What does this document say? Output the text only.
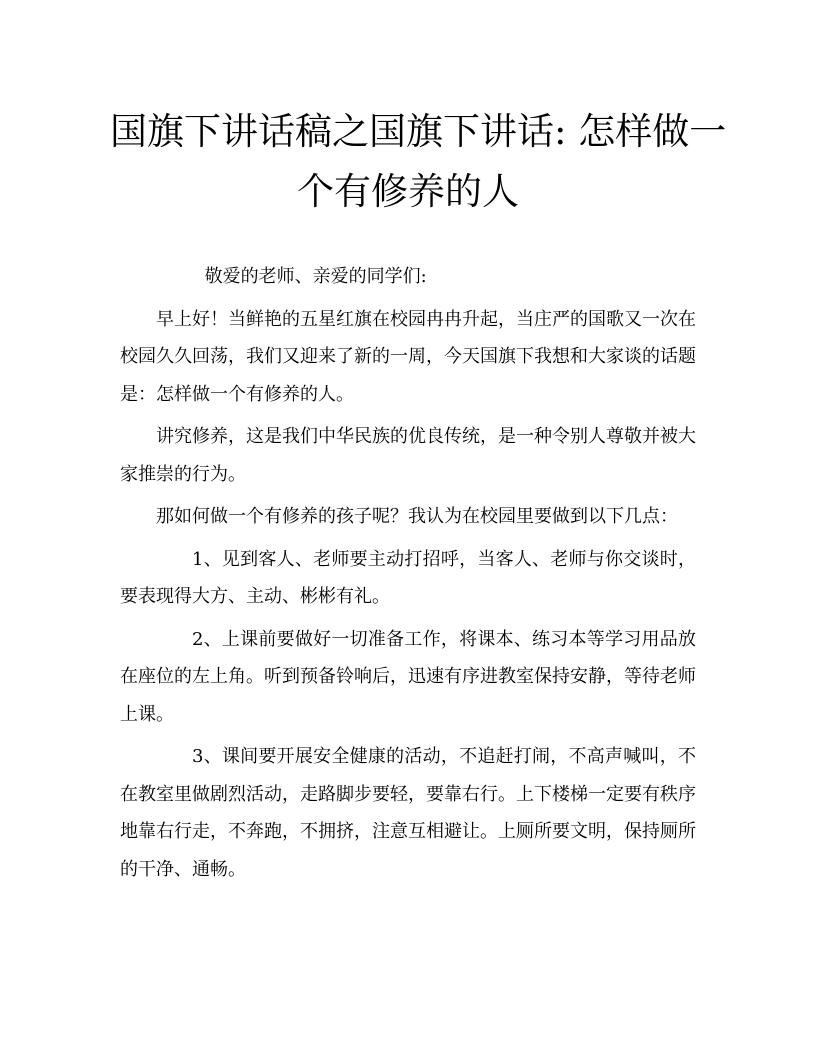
国旗下讲话稿之国旗下讲话: 怎样做一
个有修养的人

敬爱的老师、亲爱的同学们:

早上好！当鲜艳的五星红旗在校园冉冉升起，当庄严的国歌又一次在校园久久回荡，我们又迎来了新的一周，今天国旗下我想和大家谈的话题是：怎样做一个有修养的人。

讲究修养，这是我们中华民族的优良传统，是一种令别人尊敬并被大家推崇的行为。

那如何做一个有修养的孩子呢？我认为在校园里要做到以下几点：

1、见到客人、老师要主动打招呼，当客人、老师与你交谈时，要表现得大方、主动、彬彬有礼。

2、上课前要做好一切准备工作，将课本、练习本等学习用品放在座位的左上角。听到预备铃响后，迅速有序进教室保持安静，等待老师上课。

3、课间要开展安全健康的活动，不追赶打闹，不高声喊叫，不在教室里做剧烈活动，走路脚步要轻，要靠右行。上下楼梯一定要有秩序地靠右行走，不奔跑，不拥挤，注意互相避让。上厕所要文明，保持厕所的干净、通畅。
